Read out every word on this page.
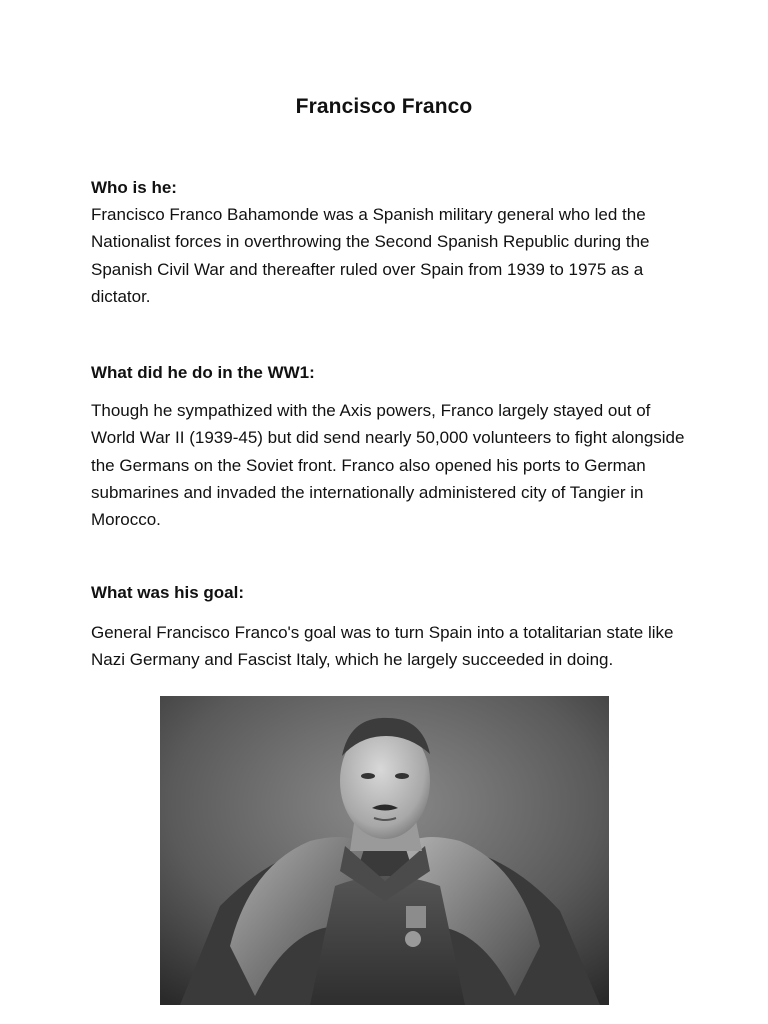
Francisco Franco
Who is he:

Francisco Franco Bahamonde was a Spanish military general who led the Nationalist forces in overthrowing the Second Spanish Republic during the Spanish Civil War and thereafter ruled over Spain from 1939 to 1975 as a dictator.

What did he do in the WW1:

Though he sympathized with the Axis powers, Franco largely stayed out of World War II (1939-45) but did send nearly 50,000 volunteers to fight alongside the Germans on the Soviet front. Franco also opened his ports to German submarines and invaded the internationally administered city of Tangier in Morocco.

What was his goal:

General Francisco Franco's goal was to turn Spain into a totalitarian state like Nazi Germany and Fascist Italy, which he largely succeeded in doing.
